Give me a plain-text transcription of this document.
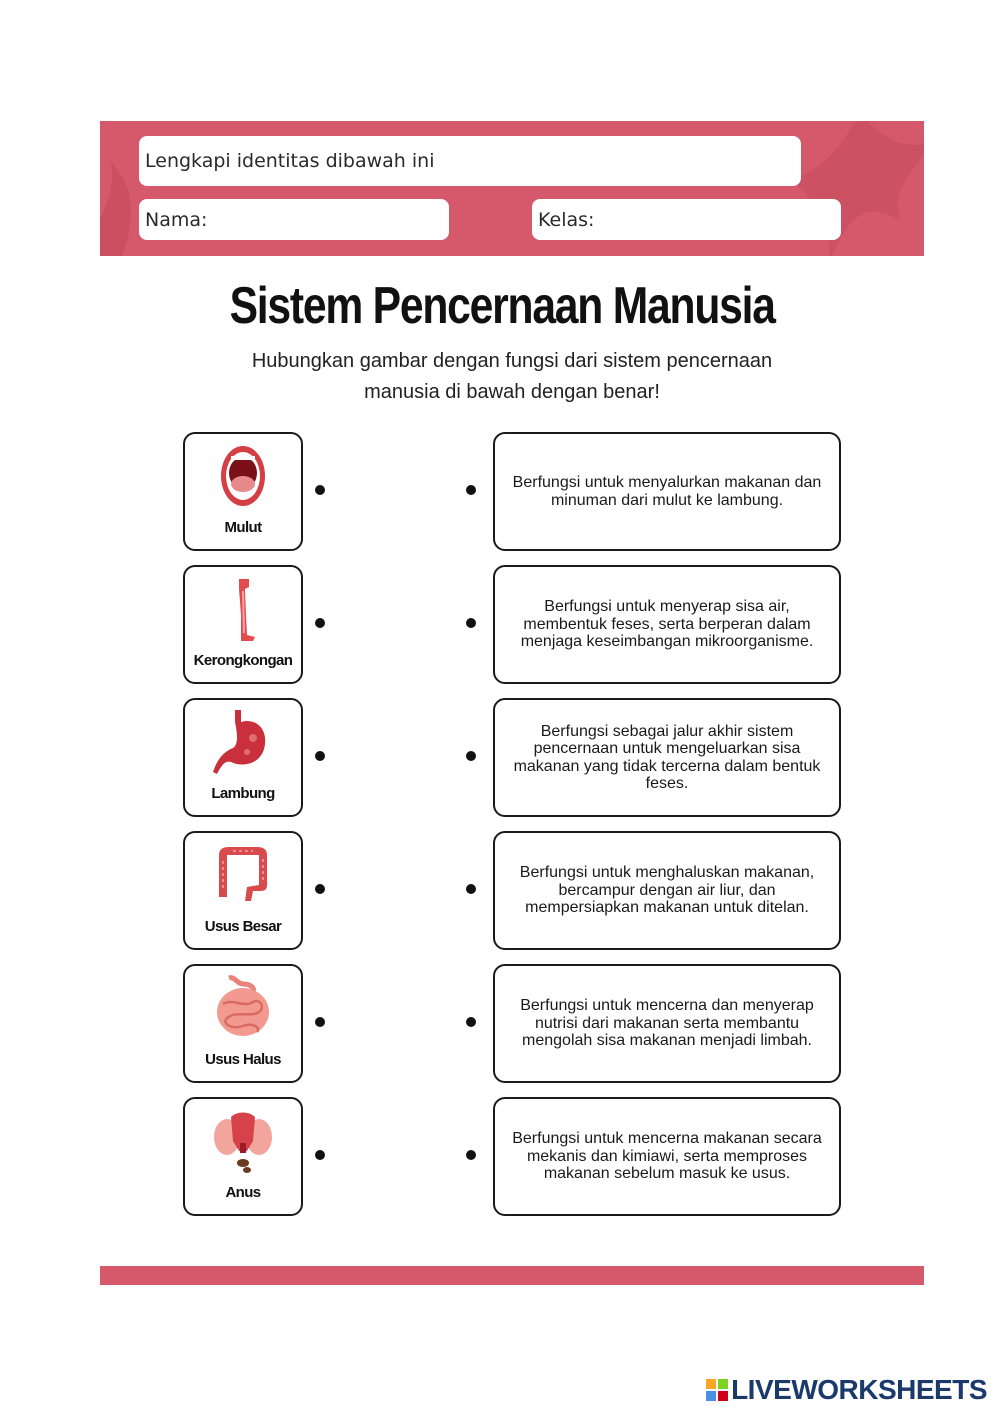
Lengkapi identitas dibawah ini
Nama:	Kelas:
Sistem Pencernaan Manusia
Hubungkan gambar dengan fungsi dari sistem pencernaan manusia di bawah dengan benar!
Mulut
Berfungsi untuk menyalurkan makanan dan minuman dari mulut ke lambung.
Kerongkongan
Berfungsi untuk menyerap sisa air, membentuk feses, serta berperan dalam menjaga keseimbangan mikroorganisme.
Lambung
Berfungsi sebagai jalur akhir sistem pencernaan untuk mengeluarkan sisa makanan yang tidak tercerna dalam bentuk feses.
Usus Besar
Berfungsi untuk menghaluskan makanan, bercampur dengan air liur, dan mempersiapkan makanan untuk ditelan.
Usus Halus
Berfungsi untuk mencerna dan menyerap nutrisi dari makanan serta membantu mengolah sisa makanan menjadi limbah.
Anus
Berfungsi untuk mencerna makanan secara mekanis dan kimiawi, serta memproses makanan sebelum masuk ke usus.
LIVEWORKSHEETS
